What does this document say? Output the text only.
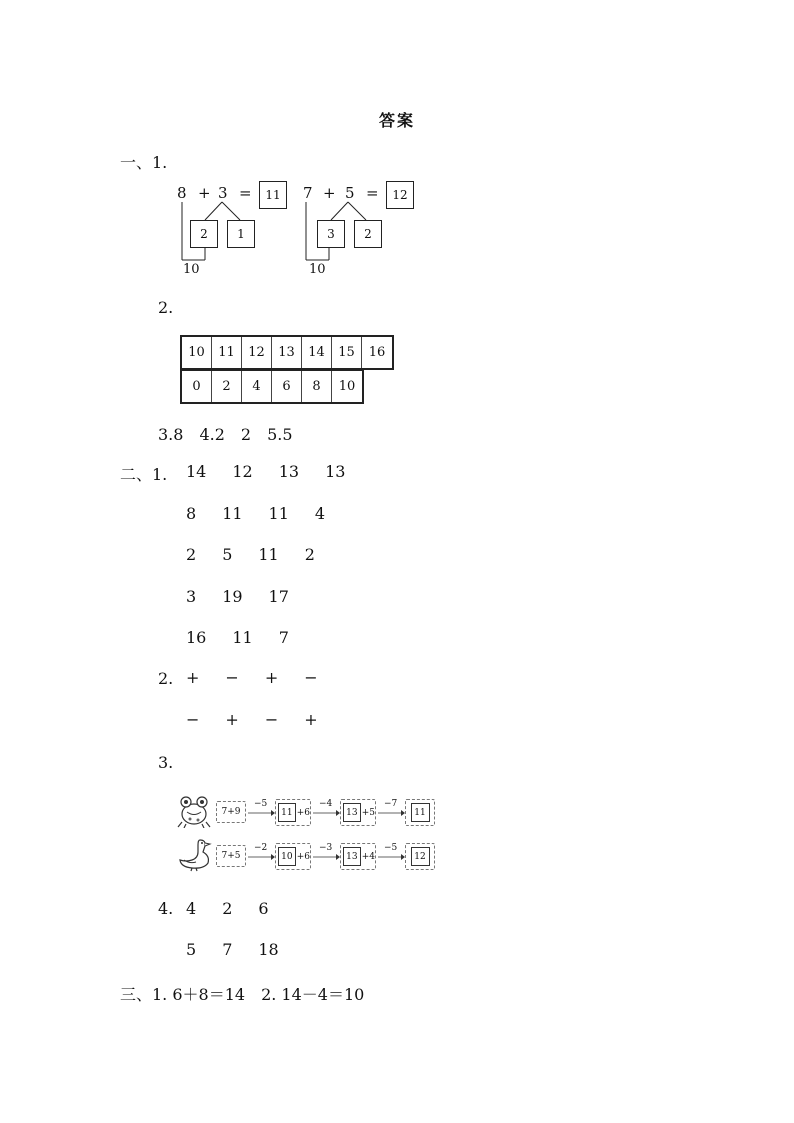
答案
一、1.
8 + 3 =	11
2	1
10
7 + 5 =	12
3	2
10
2.
10	11	12	13	14	15	16
0	2	4	6	8	10
3.8　4.2　2　5.5
二、1. 14 12 13 13
8 11 11 4
2 5 11 2
3 19 17
16 11 7
2. + − + −
− + − +
3.
7+9
−5
11 +6
−4
13 +5
−7
11
7+5
−2
10 +6
−3
13 +4
−5
12
4. 4 2 6
5 7 18
三、1. 6＋8＝14　2. 14－4＝10
